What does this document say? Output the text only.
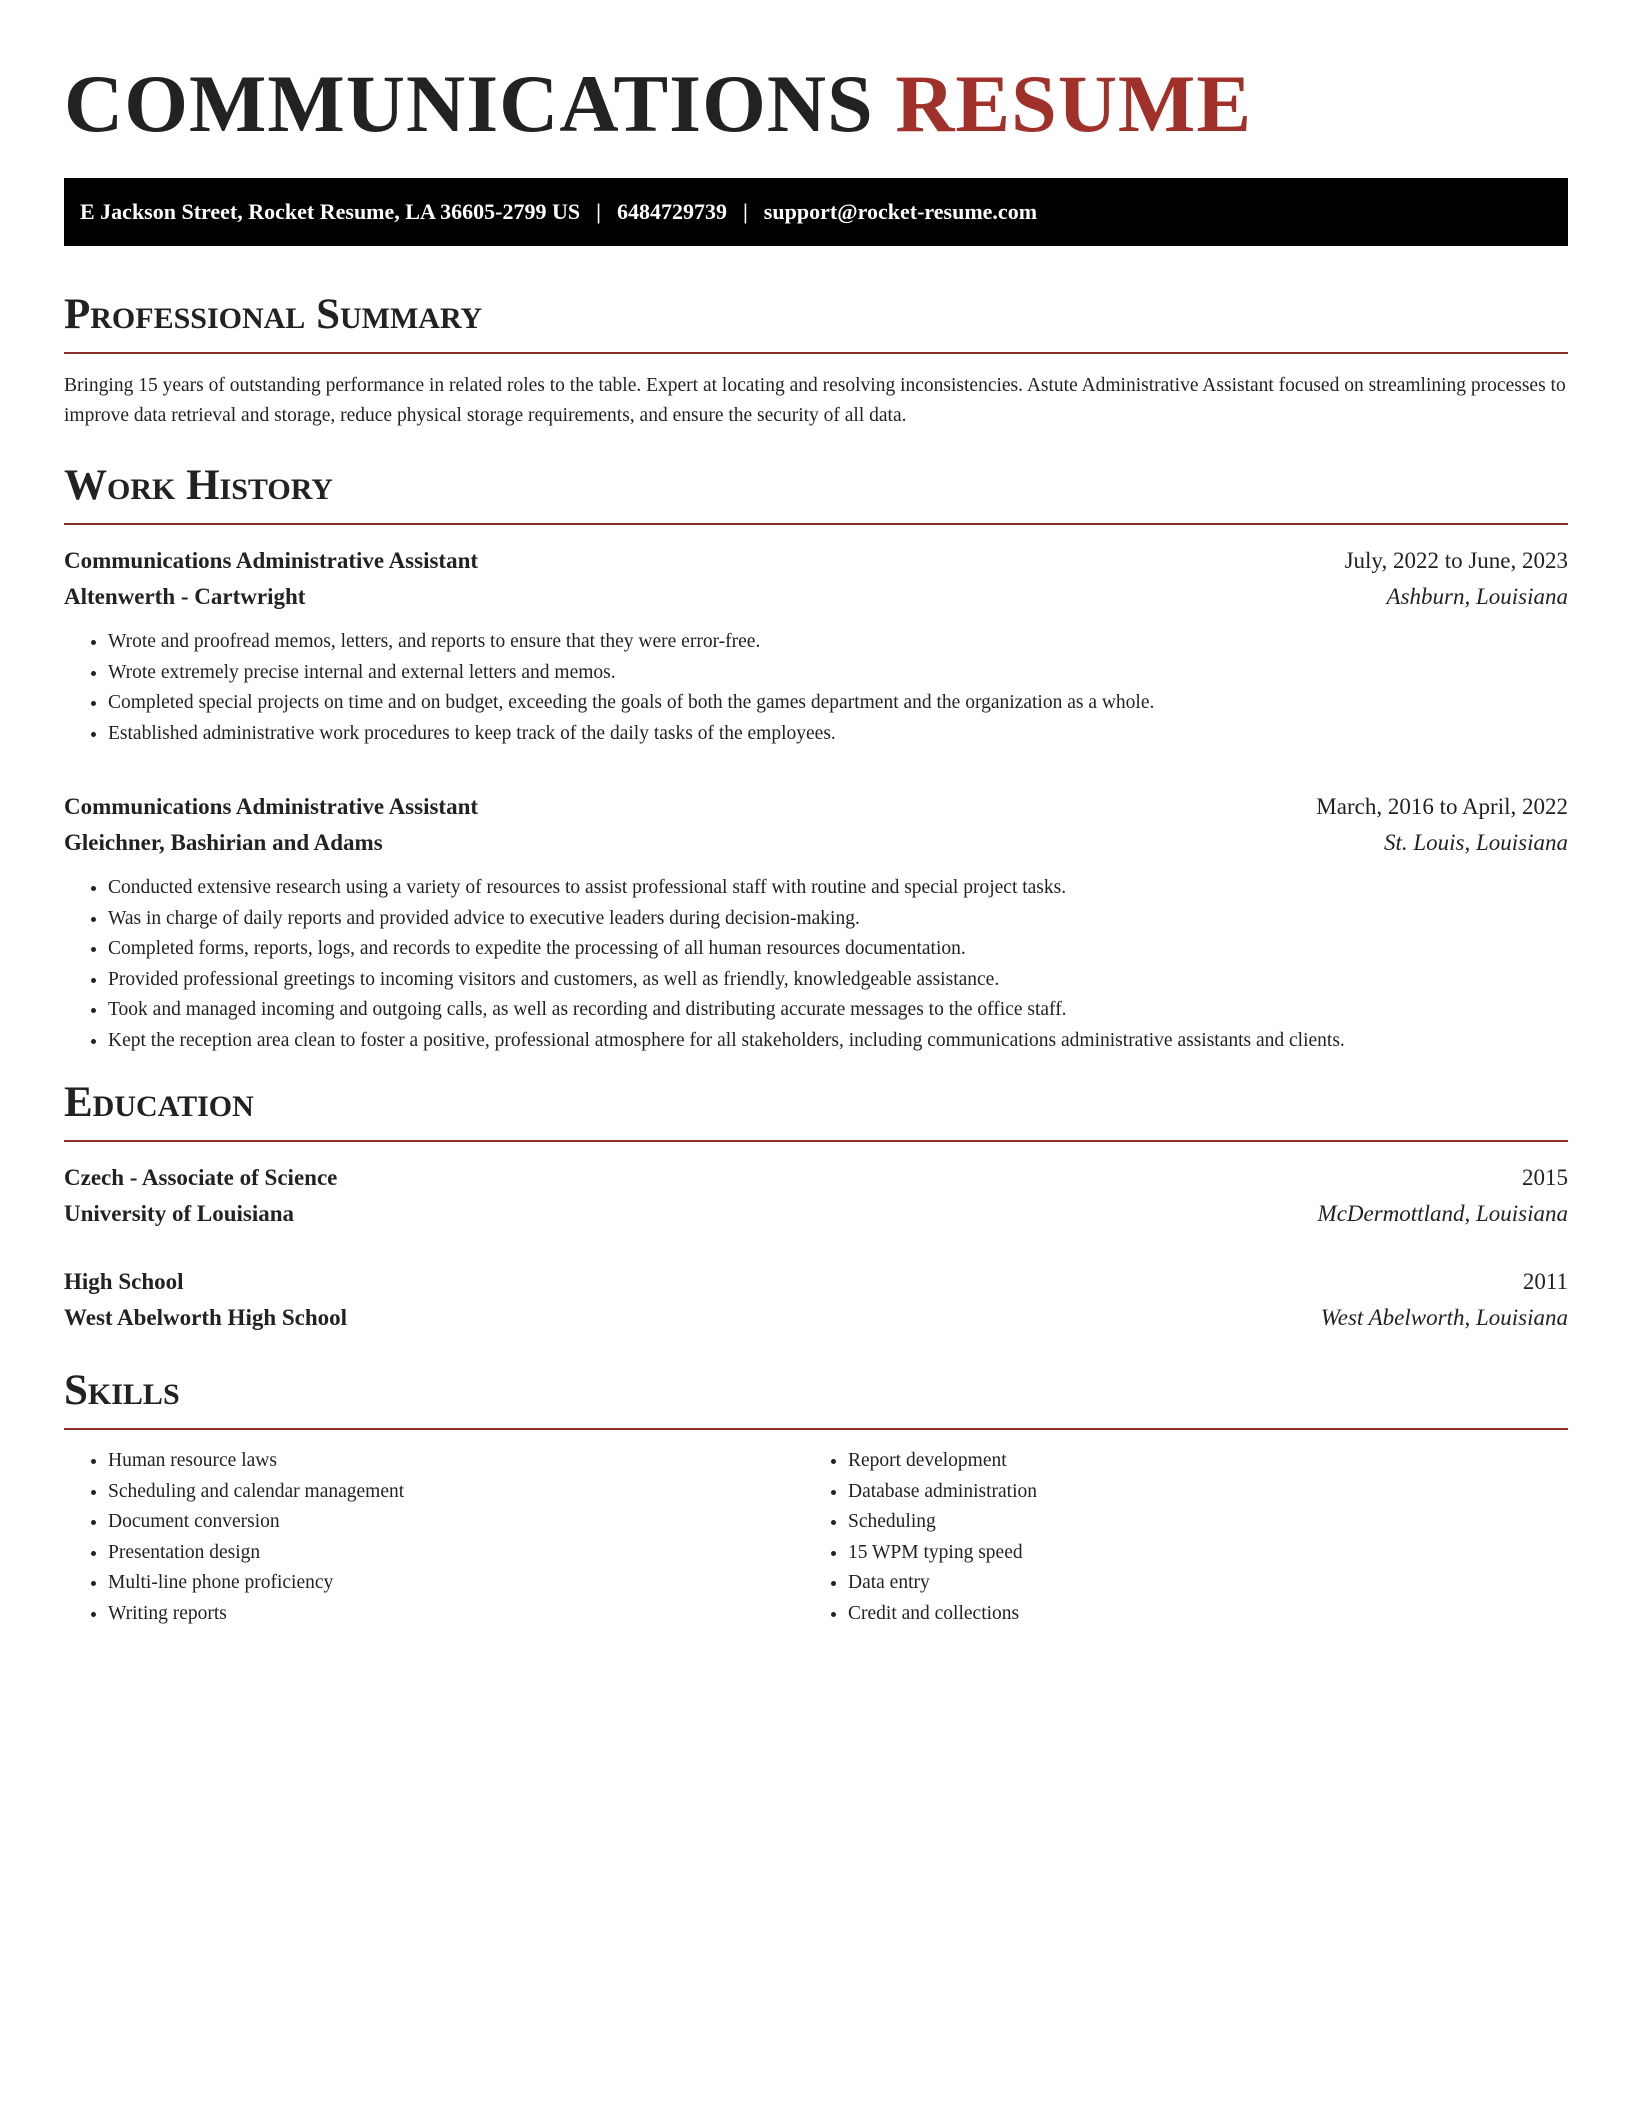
COMMUNICATIONS RESUME
E Jackson Street, Rocket Resume, LA 36605-2799 US | 6484729739 | support@rocket-resume.com
Professional Summary
Bringing 15 years of outstanding performance in related roles to the table. Expert at locating and resolving inconsistencies. Astute Administrative Assistant focused on streamlining processes to improve data retrieval and storage, reduce physical storage requirements, and ensure the security of all data.
Work History
Communications Administrative Assistant	July, 2022 to June, 2023
Altenwerth - Cartwright	Ashburn, Louisiana
• Wrote and proofread memos, letters, and reports to ensure that they were error-free.
• Wrote extremely precise internal and external letters and memos.
• Completed special projects on time and on budget, exceeding the goals of both the games department and the organization as a whole.
• Established administrative work procedures to keep track of the daily tasks of the employees.
Communications Administrative Assistant	March, 2016 to April, 2022
Gleichner, Bashirian and Adams	St. Louis, Louisiana
• Conducted extensive research using a variety of resources to assist professional staff with routine and special project tasks.
• Was in charge of daily reports and provided advice to executive leaders during decision-making.
• Completed forms, reports, logs, and records to expedite the processing of all human resources documentation.
• Provided professional greetings to incoming visitors and customers, as well as friendly, knowledgeable assistance.
• Took and managed incoming and outgoing calls, as well as recording and distributing accurate messages to the office staff.
• Kept the reception area clean to foster a positive, professional atmosphere for all stakeholders, including communications administrative assistants and clients.
Education
Czech - Associate of Science	2015
University of Louisiana	McDermottland, Louisiana
High School	2011
West Abelworth High School	West Abelworth, Louisiana
Skills
• Human resource laws
• Scheduling and calendar management
• Document conversion
• Presentation design
• Multi-line phone proficiency
• Writing reports
• Report development
• Database administration
• Scheduling
• 15 WPM typing speed
• Data entry
• Credit and collections
